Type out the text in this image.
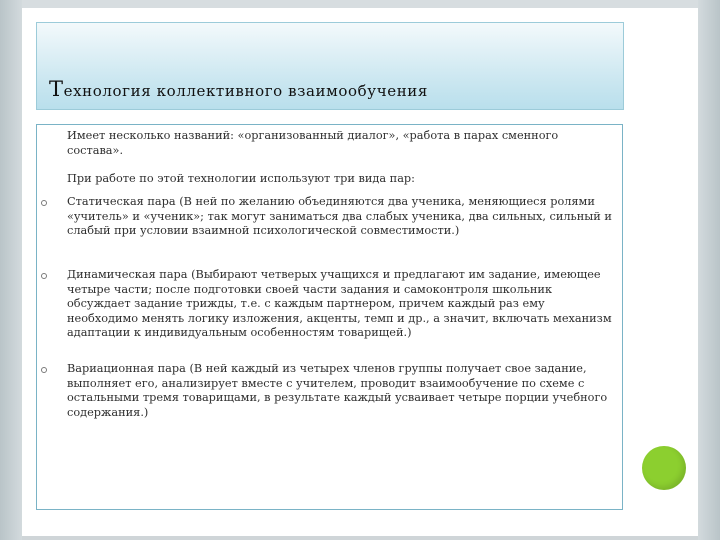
Технология коллективного взаимообучения

Имеет несколько названий: «организованный диалог», «работа в парах сменного состава».

При работе по этой технологии используют три вида пар:

Статическая пара (В ней по желанию объединяются два ученика, меняющиеся ролями «учитель» и «ученик»; так могут заниматься два слабых ученика, два сильных, сильный и слабый при условии взаимной психологической совместимости.)

Динамическая пара (Выбирают четверых учащихся и предлагают им задание, имеющее четыре части; после подготовки своей части задания и самоконтроля школьник обсуждает задание трижды, т.е. с каждым партнером, причем каждый раз ему необходимо менять логику изложения, акценты, темп и др., а значит, включать механизм адаптации к индивидуальным особенностям товарищей.)

Вариационная пара (В ней каждый из четырех членов группы получает свое задание, выполняет его, анализирует вместе с учителем, проводит взаимообучение по схеме с остальными тремя товарищами, в результате каждый усваивает четыре порции учебного содержания.)
